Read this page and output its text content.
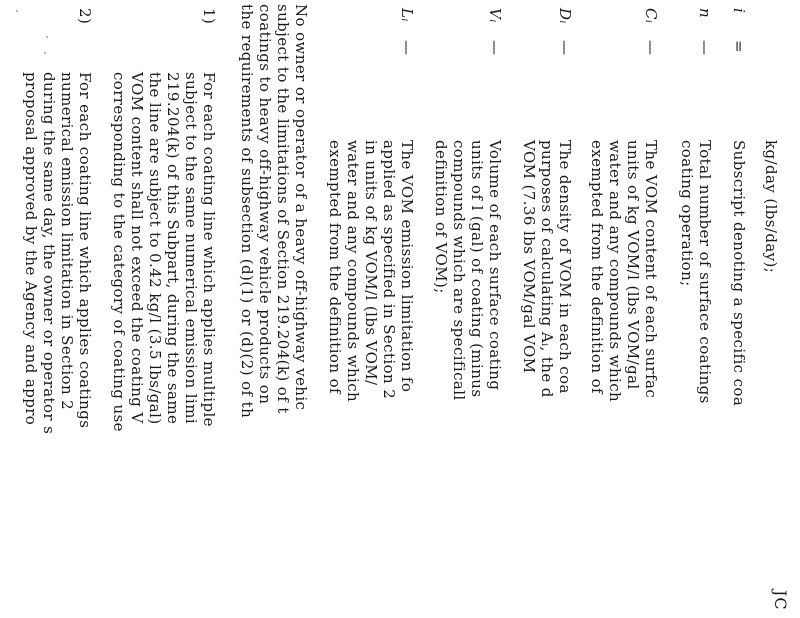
JC
kg/day (lbs/day);
i
=
Subscript denoting a specific coa
n
—
Total number of surface coatings
coating operation;
Cᵢ
—
The VOM content of each surfac
units of kg VOM/l (lbs VOM/gal
water and any compounds which
exempted from the definition of
Dᵢ
—
The density of VOM in each coa
purposes of calculating Aᵢ, the d
VOM (7.36 lbs VOM/gal VOM
Vᵢ
—
Volume of each surface coating
units of l (gal) of coating (minus
compounds which are specificall
definition of VOM);
Lᵢ
—
The VOM emission limitation fo
applied as specified in Section 2
in units of kg VOM/l (lbs VOM/
water and any compounds which
exempted from the definition of
No owner or operator of a heavy off-highway vehic
subject to the limitations of Section 219.204(k) of t
coatings to heavy off-highway vehicle products on
the requirements of subsection (d)(1) or (d)(2) of th
1)
For each coating line which applies multiple
subject to the same numerical emission limi
219.204(k) of this Subpart, during the same
the line are subject to 0.42 kg/l (3.5 lbs/gal)
VOM content shall not exceed the coating V
corresponding to the category of coating use
2)
For each coating line which applies coatings
numerical emission limitation in Section 2
during the same day, the owner or operator s
proposal approved by the Agency and appro
